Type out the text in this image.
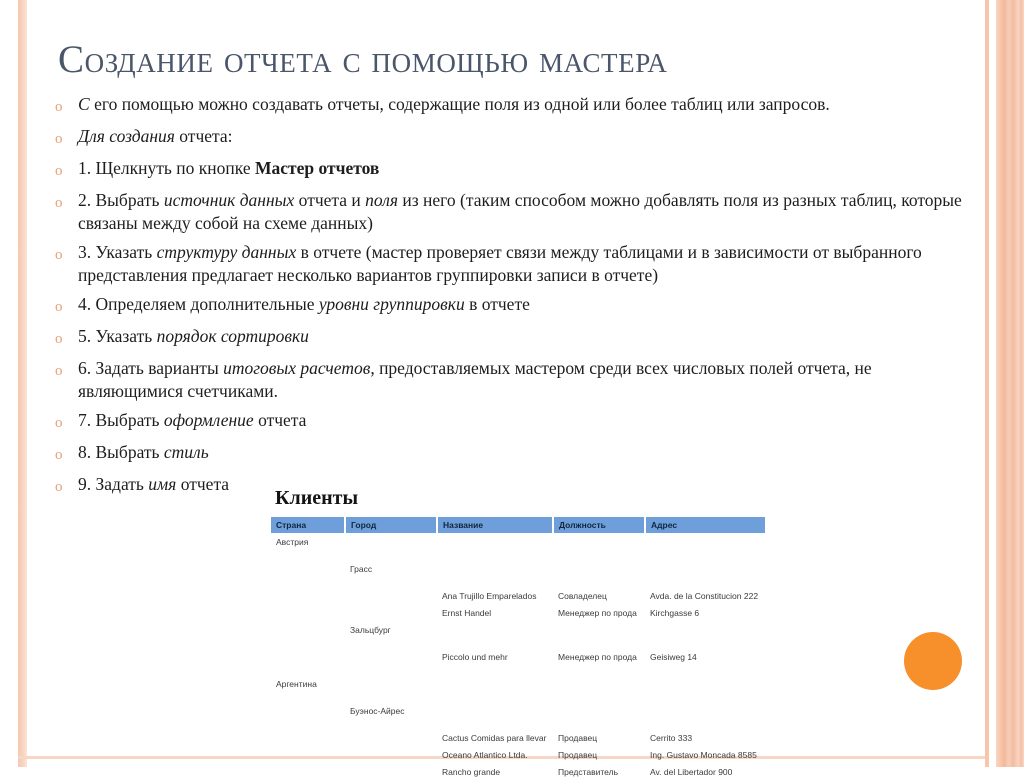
Создание отчета с помощью мастера
o С его помощью можно создавать отчеты, содержащие поля из одной или более таблиц или запросов.
o Для создания отчета:
o 1. Щелкнуть по кнопке Мастер отчетов
o 2. Выбрать источник данных отчета и поля из него (таким способом можно добавлять поля из разных таблиц, которые связаны между собой на схеме данных)
o 3. Указать структуру данных в отчете (мастер проверяет связи между таблицами и в зависимости от выбранного представления предлагает несколько вариантов группировки записи в отчете)
o 4. Определяем дополнительные уровни группировки в отчете
o 5. Указать порядок сортировки
o 6. Задать варианты итоговых расчетов, предоставляемых мастером среди всех числовых полей отчета, не являющимися счетчиками.
o 7. Выбрать оформление отчета
o 8. Выбрать стиль
o 9. Задать имя отчета
Клиенты
Страна	Город	Название	Должность	Адрес
Австрия				

	Грасс			

		Ana Trujillo Emparelados	Совладелец	Avda. de la Constitucion 222
		Ernst Handel	Менеджер по прода	Kirchgasse 6
	Зальцбург			

		Piccolo und mehr	Менеджер по прода	Geisiweg 14

Аргентина				

	Буэнос-Айрес			

		Cactus Comidas para llevar	Продавец	Cerrito 333
		Oceano Atlantico Ltda.	Продавец	Ing. Gustavo Moncada 8585
		Rancho grande	Представитель	Av. del Libertador 900
